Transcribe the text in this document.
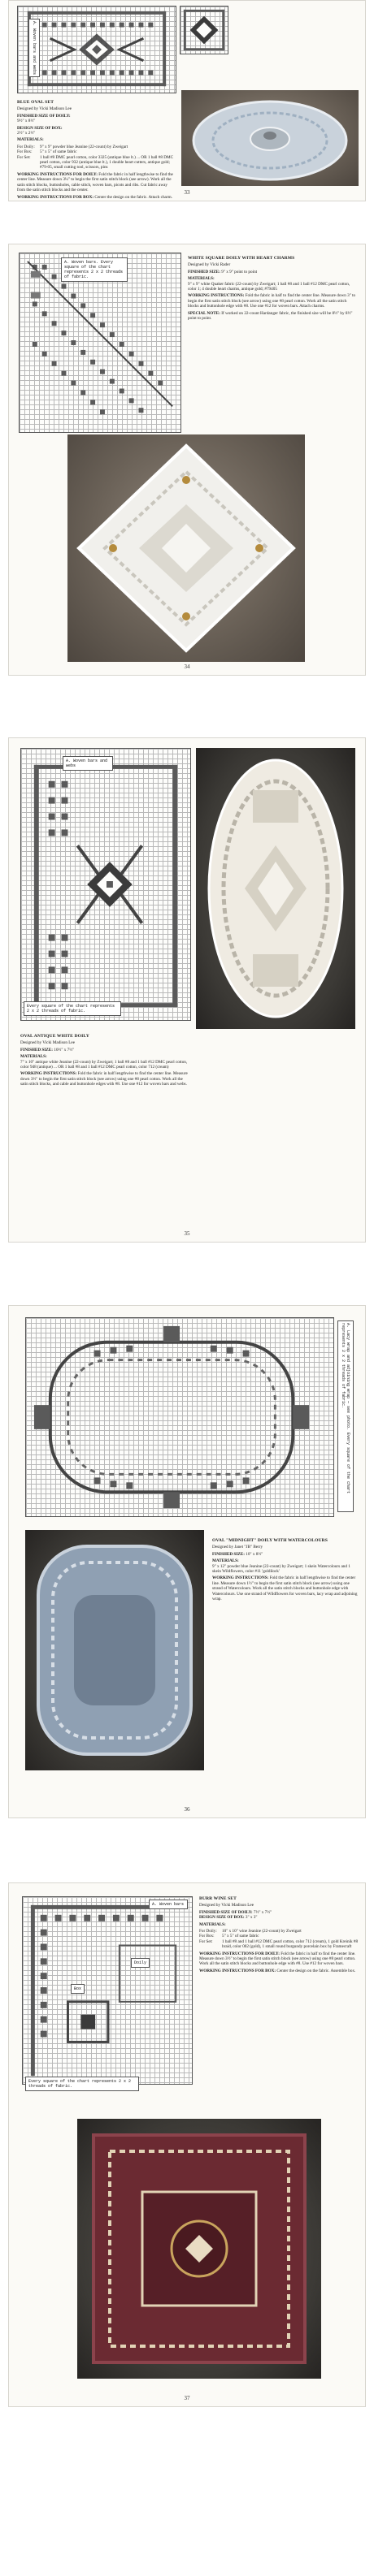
A. Woven bars and webs

BLUE OVAL SET

Designed by Vicki Madison Lee

FINISHED SIZE OF DOILY:
9½" x 8½"

DESIGN SIZE OF BOX:
2½" x 2½"

MATERIALS:

For Doily:	9" x 9" powder blue Jeanine (22-count) by Zweigart
For Box:	5" x 5" of same fabric
For Set:	1 ball #8 DMC pearl cotton, color 3325 (antique blue lt.) ... OR 1 ball #8 DMC pearl cotton, color 932 (antique blue lt.), 1 double heart cutters, antique gold; #79-05, small cutting tool, scissors, pins

WORKING INSTRUCTIONS FOR DOILY: Fold the fabric in half lengthwise to find the center line. Measure down 3¼" to begin the first satin stitch block (see arrow). Work all the satin stitch blocks, buttonholes, cable stitch, woven bars, picots and ribs. Cut fabric away from the satin stitch blocks and the center.

WORKING INSTRUCTIONS FOR BOX: Center the design on the fabric. Attach charm.

33
A. Woven bars. Every square of the chart represents 2 x 2 threads of fabric.

WHITE SQUARE DOILY WITH HEART CHARMS

Designed by Vicki Rader

FINISHED SIZE: 9" x 9" point to point

MATERIALS:
9" x 9" white Quaker fabric (22-count) by Zweigart; 1 ball #8 and 1 ball #12 DMC pearl cotton, color 1; 4 double heart charms, antique gold; #79405

WORKING INSTRUCTIONS: Fold the fabric in half to find the center line. Measure down 3" to begin the first satin stitch block (see arrow) using one #8 pearl cotton. Work all the satin stitch blocks and buttonhole edge with #8. Use one #12 for woven bars. Attach charms.

SPECIAL NOTE: If worked on 22-count Hardanger fabric, the finished size will be 8½" by 8½" point to point.

34
A. Woven bars and webs
Every square of the chart represents 2 x 2 threads of fabric.

OVAL ANTIQUE WHITE DOILY

Designed by Vicki Madison Lee

FINISHED SIZE: 10½" x 7½"

MATERIALS:
7" x 10" antique white Jeanine (22-count) by Zweigart; 1 ball #8 and 1 ball #12 DMC pearl cotton, color 948 (antique) ... OR 1 ball #8 and 1 ball #12 DMC pearl cotton, color 712 (cream)

WORKING INSTRUCTIONS: Fold the fabric in half lengthwise to find the center line. Measure down 3½" to begin the first satin stitch block (see arrow) using one #8 pearl cotton. Work all the satin stitch blocks, and cable and buttonhole edges with #8. Use one #12 for woven bars and webs.

35
A. Lacy wrap and adjoining wrap — see photo. Every square of the chart represents 2 x 2 threads of fabric.

OVAL "MIDNIGHT" DOILY WITH WATERCOLOURS

Designed by Janet "JB" Berry

FINISHED SIZE: 10" x 8½"

MATERIALS:
9" x 12" powder blue Jeanine (22-count) by Zweigart; 1 skein Watercolours and 1 skein Wildflowers, color #11 'goldilock'

WORKING INSTRUCTIONS: Fold the fabric in half lengthwise to find the center line. Measure down 1½" to begin the first satin stitch block (see arrow) using one strand of Watercolours. Work all the satin stitch blocks and buttonhole edge with Watercolours. Use one strand of Wildflowers for woven bars, lacy wrap and adjoining wrap.

36
A. Woven bars
Box
Doily
Every square of the chart represents 2 x 2 threads of fabric.

BURR WINE SET

Designed by Vicki Madison Lee

FINISHED SIZE OF DOILY: 7½" x 7½"
DESIGN SIZE OF BOX: 3" x 3"

MATERIALS:

For Doily:	10" x 10" wine Jeanine (22-count) by Zweigart
For Box:	5" x 5" of same fabric
For Set:	1 ball #8 and 1 ball #12 DMC pearl cotton, color 712 (cream), 1 gold Kreinik #8 braid, color 002 (gold), 1 small round burgundy porcelain box by Framecraft

WORKING INSTRUCTIONS FOR DOILY: Fold the fabric in half to find the center line. Measure down 3½" to begin the first satin stitch block (see arrow) using one #8 pearl cotton. Work all the satin stitch blocks and buttonhole edge with #8. Use #12 for woven bars.

WORKING INSTRUCTIONS FOR BOX: Center the design on the fabric. Assemble box.

37
